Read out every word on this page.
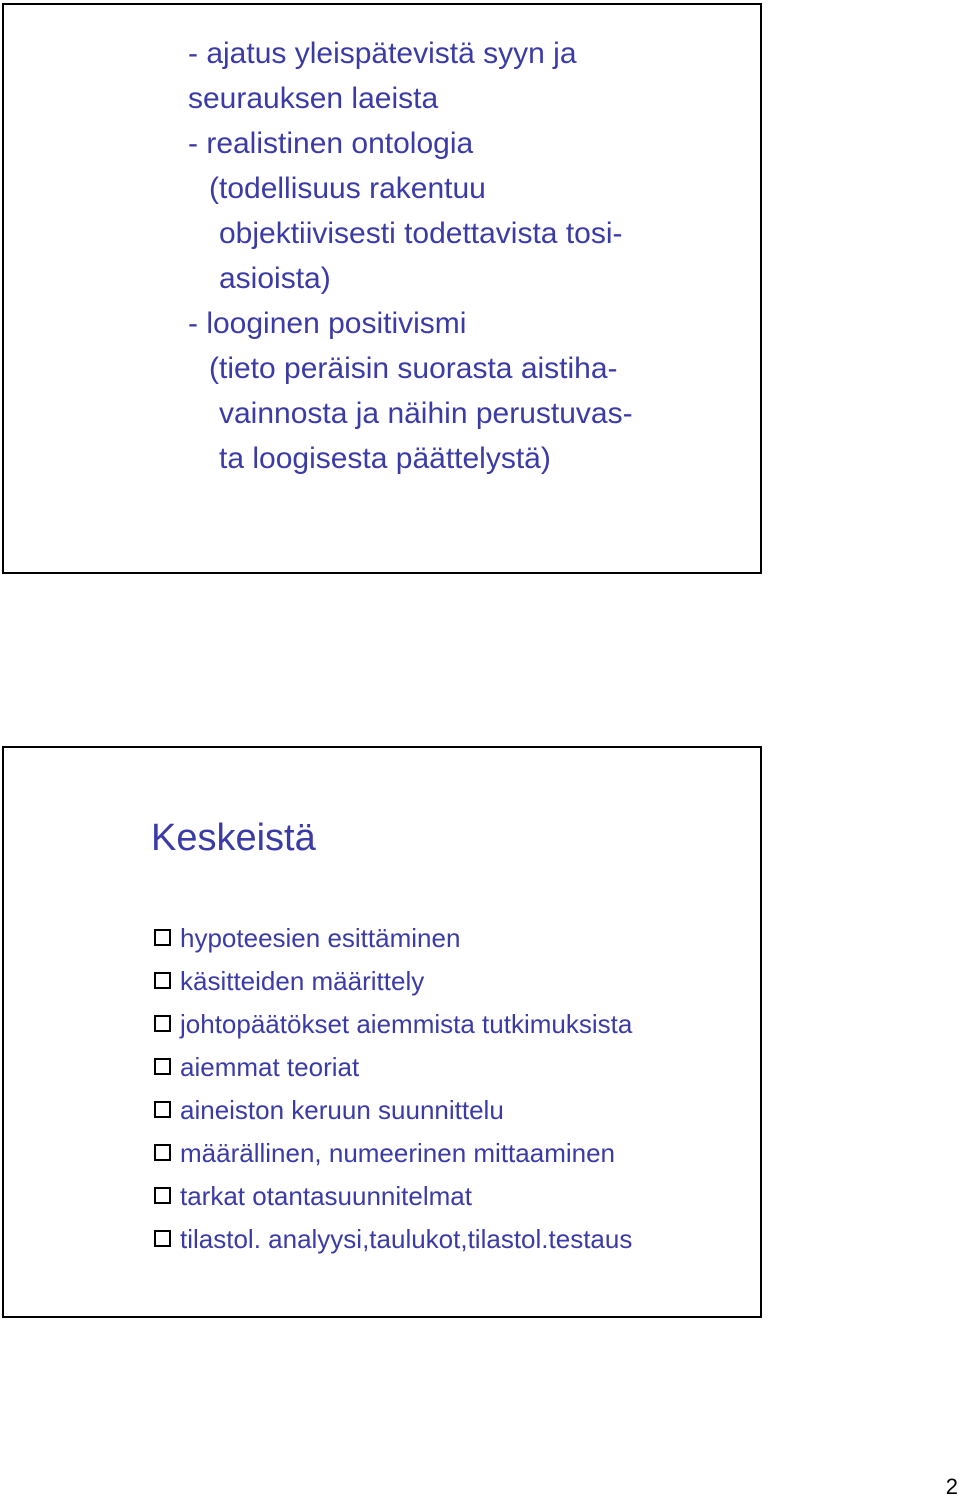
- ajatus yleispätevistä syyn ja
seurauksen laeista
- realistinen ontologia
(todellisuus rakentuu
objektiivisesti todettavista tosi-
asioista)
- looginen positivismi
(tieto peräisin suorasta aistiha-
vainnosta ja näihin perustuvas-
ta loogisesta päättelystä)
Keskeistä
hypoteesien esittäminen
käsitteiden määrittely
johtopäätökset aiemmista tutkimuksista
aiemmat teoriat
aineiston keruun suunnittelu
määrällinen, numeerinen mittaaminen
tarkat otantasuunnitelmat
tilastol. analyysi,taulukot,tilastol.testaus
2
